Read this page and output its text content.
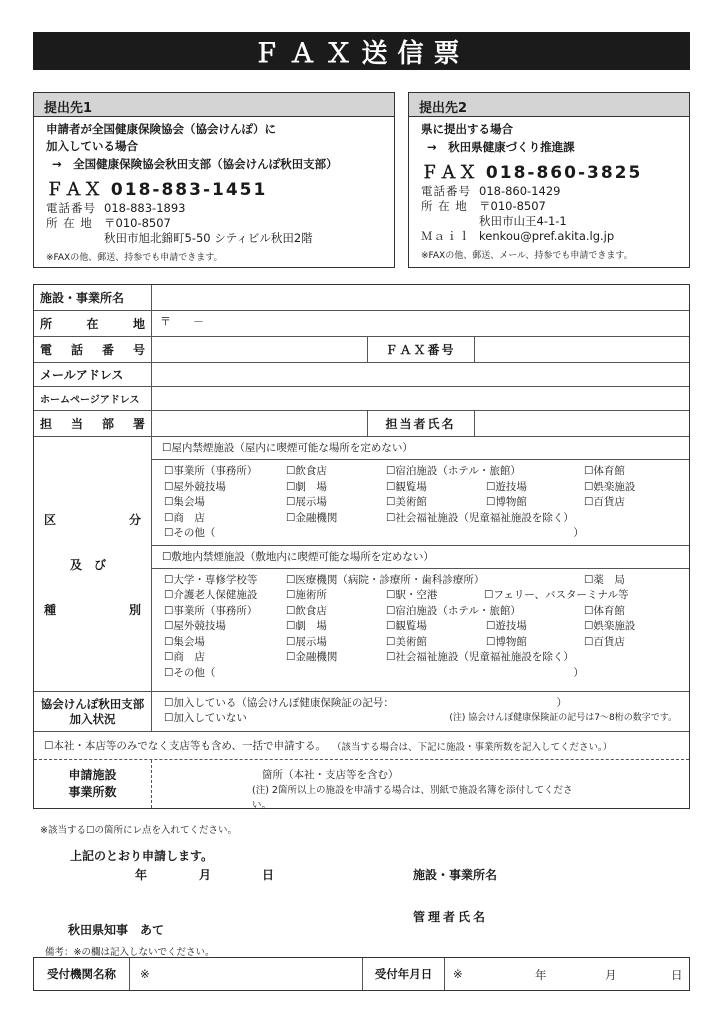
ＦＡＸ送信票
提出先1
申請者が全国健康保険協会（協会けんぽ）に
加入している場合
→　全国健康保険協会秋田支部（協会けんぽ秋田支部）
ＦＡＸ 018-883-1451
電話番号 018-883-1893
所 在 地 〒010-8507
秋田市旭北錦町5-50 シティビル秋田2階
※FAXの他、郵送、持参でも申請できます。
提出先2
県に提出する場合
→　秋田県健康づくり推進課
ＦＡＸ 018-860-3825
電話番号 018-860-1429
所 在 地 〒010-8507
秋田市山王4-1-1
Ｍａｉｌ kenkou@pref.akita.lg.jp
※FAXの他、郵送、メール、持参でも申請できます。
施設・事業所名
所	在	地	〒　　－
電 話 番 号	ＦＡＸ番号
メールアドレス
ホームページアドレス
担 当 部 署	担当者氏名
区	分
及　び
種	別
☐屋内禁煙施設（屋内に喫煙可能な場所を定めない）
☐事業所（事務所）	☐飲食店	☐宿泊施設（ホテル・旅館）	☐体育館
☐屋外競技場	☐劇　場	☐観覧場	☐遊技場	☐娯楽施設
☐集会場	☐展示場	☐美術館	☐博物館	☐百貨店
☐商　店	☐金融機関	☐社会福祉施設（児童福祉施設を除く）
☐その他（	）
☐敷地内禁煙施設（敷地内に喫煙可能な場所を定めない）
☐大学・専修学校等	☐医療機関（病院・診療所・歯科診療所）	☐薬　局
☐介護老人保健施設	☐施術所	☐駅・空港	☐フェリー、バスターミナル等
☐事業所（事務所）	☐飲食店	☐宿泊施設（ホテル・旅館）	☐体育館
☐屋外競技場	☐劇　場	☐観覧場	☐遊技場	☐娯楽施設
☐集会場	☐展示場	☐美術館	☐博物館	☐百貨店
☐商　店	☐金融機関	☐社会福祉施設（児童福祉施設を除く）
☐その他（	）
協会けんぽ秋田支部
加入状況
☐加入している（協会けんぽ健康保険証の記号：	）
☐加入していない	(注) 協会けんぽ健康保険証の記号は7～8桁の数字です。
☐本社・本店等のみでなく支店等も含め、一括で申請する。 （該当する場合は、下記に施設・事業所数を記入してください。）
申請施設
事業所数
箇所（本社・支店等を含む）
(注) 2箇所以上の施設を申請する場合は、別紙で施設名簿を添付してください。
※該当する☐の箇所にレ点を入れてください。
上記のとおり申請します。
年	月	日	施設・事業所名
管理者氏名
秋田県知事　あて
備考：※の欄は記入しないでください。
受付機関名称	※	受付年月日	※	年	月	日
